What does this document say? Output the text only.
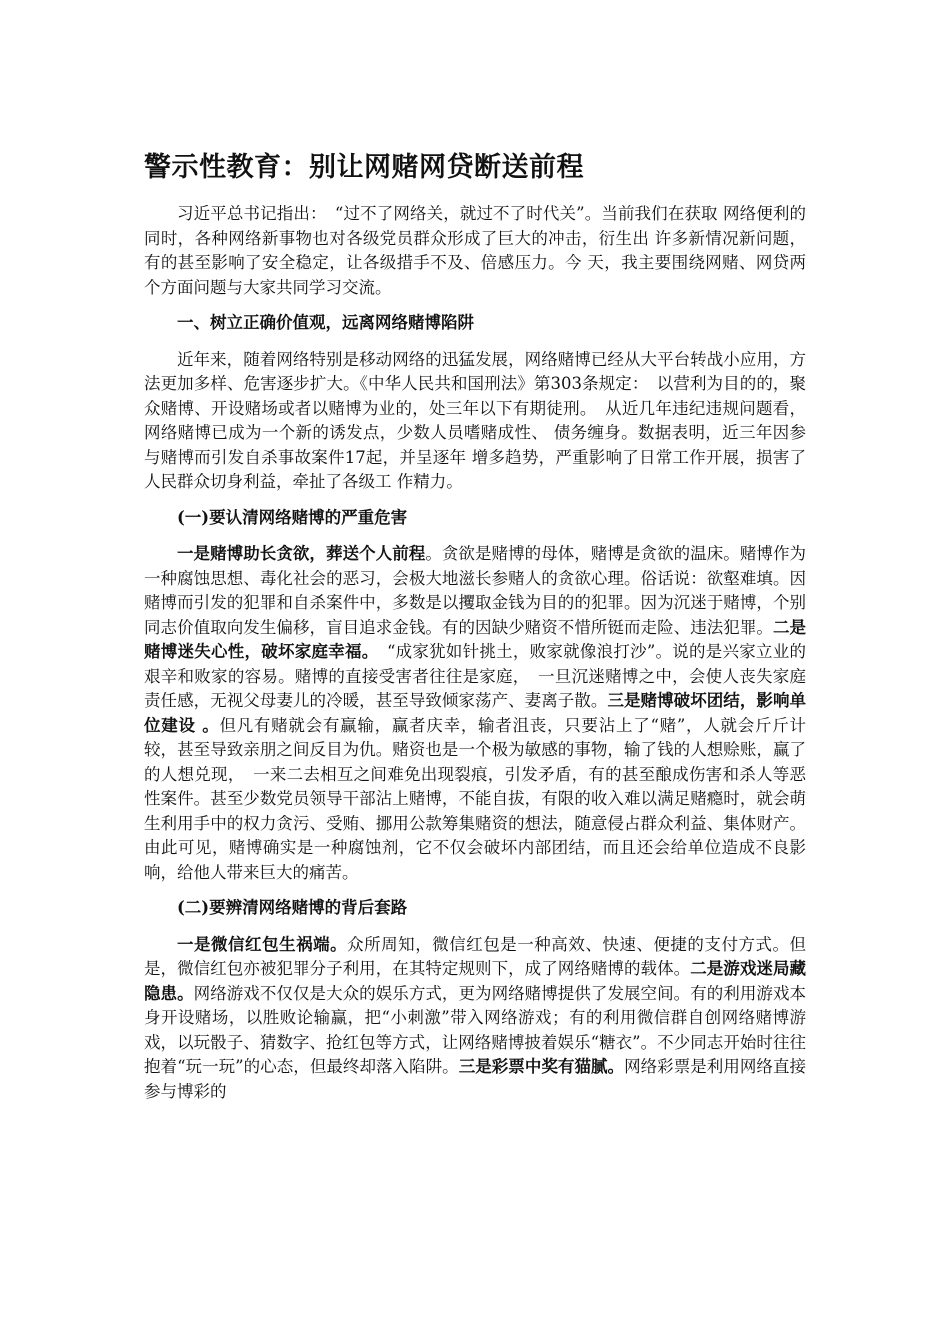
警示性教育：别让网赌网贷断送前程

习近平总书记指出：　“过不了网络关，就过不了时代关”。当前我们在获取 网络便利的同时，各种网络新事物也对各级党员群众形成了巨大的冲击，衍生出 许多新情况新问题，有的甚至影响了安全稳定，让各级措手不及、倍感压力。今 天，我主要围绕网赌、网贷两个方面问题与大家共同学习交流。

一、树立正确价值观，远离网络赌博陷阱

近年来，随着网络特别是移动网络的迅猛发展，网络赌博已经从大平台转战小应用，方法更加多样、危害逐步扩大。《中华人民共和国刑法》第303条规定：　以营利为目的的，聚众赌博、开设赌场或者以赌博为业的，处三年以下有期徒刑。　从近几年违纪违规问题看，网络赌博已成为一个新的诱发点，少数人员嗜赌成性、 债务缠身。数据表明，近三年因参与赌博而引发自杀事故案件17起，并呈逐年 增多趋势，严重影响了日常工作开展，损害了人民群众切身利益，牵扯了各级工 作精力。

(一)要认清网络赌博的严重危害

一是赌博助长贪欲，葬送个人前程。贪欲是赌博的母体，赌博是贪欲的温床。赌博作为一种腐蚀思想、毒化社会的恶习，会极大地滋长参赌人的贪欲心理。俗话说：欲壑难填。因赌博而引发的犯罪和自杀案件中，多数是以攫取金钱为目的的犯罪。因为沉迷于赌博，个别同志价值取向发生偏移，盲目追求金钱。有的因缺少赌资不惜所铤而走险、违法犯罪。二是赌博迷失心性，破坏家庭幸福。　“成家犹如针挑土，败家就像浪打沙”。说的是兴家立业的艰辛和败家的容易。赌博的直接受害者往往是家庭，　一旦沉迷赌博之中，会使人丧失家庭责任感，无视父母妻儿的冷暖，甚至导致倾家荡产、妻离子散。三是赌博破坏团结，影响单位建设 。但凡有赌就会有赢输，赢者庆幸，输者沮丧，只要沾上了“赌”，人就会斤斤计较，甚至导致亲朋之间反目为仇。赌资也是一个极为敏感的事物，输了钱的人想赊账，赢了的人想兑现，　一来二去相互之间难免出现裂痕，引发矛盾，有的甚至酿成伤害和杀人等恶性案件。甚至少数党员领导干部沾上赌博，不能自拔，有限的收入难以满足赌瘾时，就会萌生利用手中的权力贪污、受贿、挪用公款筹集赌资的想法，随意侵占群众利益、集体财产。由此可见，赌博确实是一种腐蚀剂，它不仅会破坏内部团结，而且还会给单位造成不良影响，给他人带来巨大的痛苦。

(二)要辨清网络赌博的背后套路

一是微信红包生祸端。众所周知，微信红包是一种高效、快速、便捷的支付方式。但是，微信红包亦被犯罪分子利用，在其特定规则下，成了网络赌博的载体。二是游戏迷局藏隐患。网络游戏不仅仅是大众的娱乐方式，更为网络赌博提供了发展空间。有的利用游戏本身开设赌场，以胜败论输赢，把“小刺激”带入网络游戏；有的利用微信群自创网络赌博游戏，以玩骰子、猜数字、抢红包等方式，让网络赌博披着娱乐“糖衣”。不少同志开始时往往抱着“玩一玩”的心态，但最终却落入陷阱。三是彩票中奖有猫腻。网络彩票是利用网络直接参与博彩的
